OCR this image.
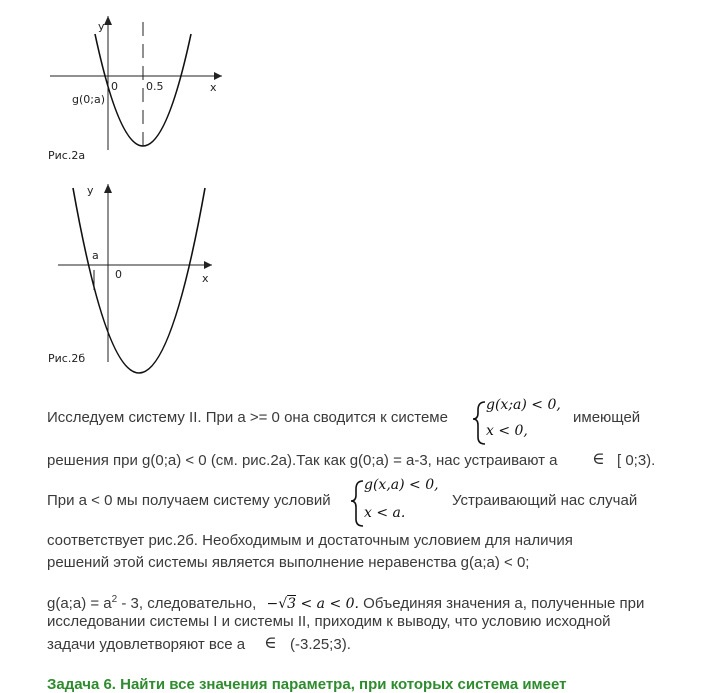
y
x
0	0.5
g(0;a)
Рис.2а
y
x
0
a
Рис.2б
Исследуем систему II. При a >= 0 она сводится к системе
g(x;a) < 0,
x < 0,
имеющей
решения при g(0;a) < 0 (см. рис.2а).Так как g(0;a) = a-3, нас устраивают a ∈ [ 0;3).
При a < 0 мы получаем систему условий
g(x,a) < 0,
x < a.
Устраивающий нас случай
соответствует рис.2б. Необходимым и достаточным условием для наличия
решений этой системы является выполнение неравенства g(a;a) < 0;
g(a;a) = $a^2 - 3$, следовательно, −√3 < a < 0. Объединяя значения a, полученные при
исследовании системы I и системы II, приходим к выводу, что условию исходной
задачи удовлетворяют все a ∈ (-3.25;3).
Задача 6. Найти все значения параметра, при которых система имеет
